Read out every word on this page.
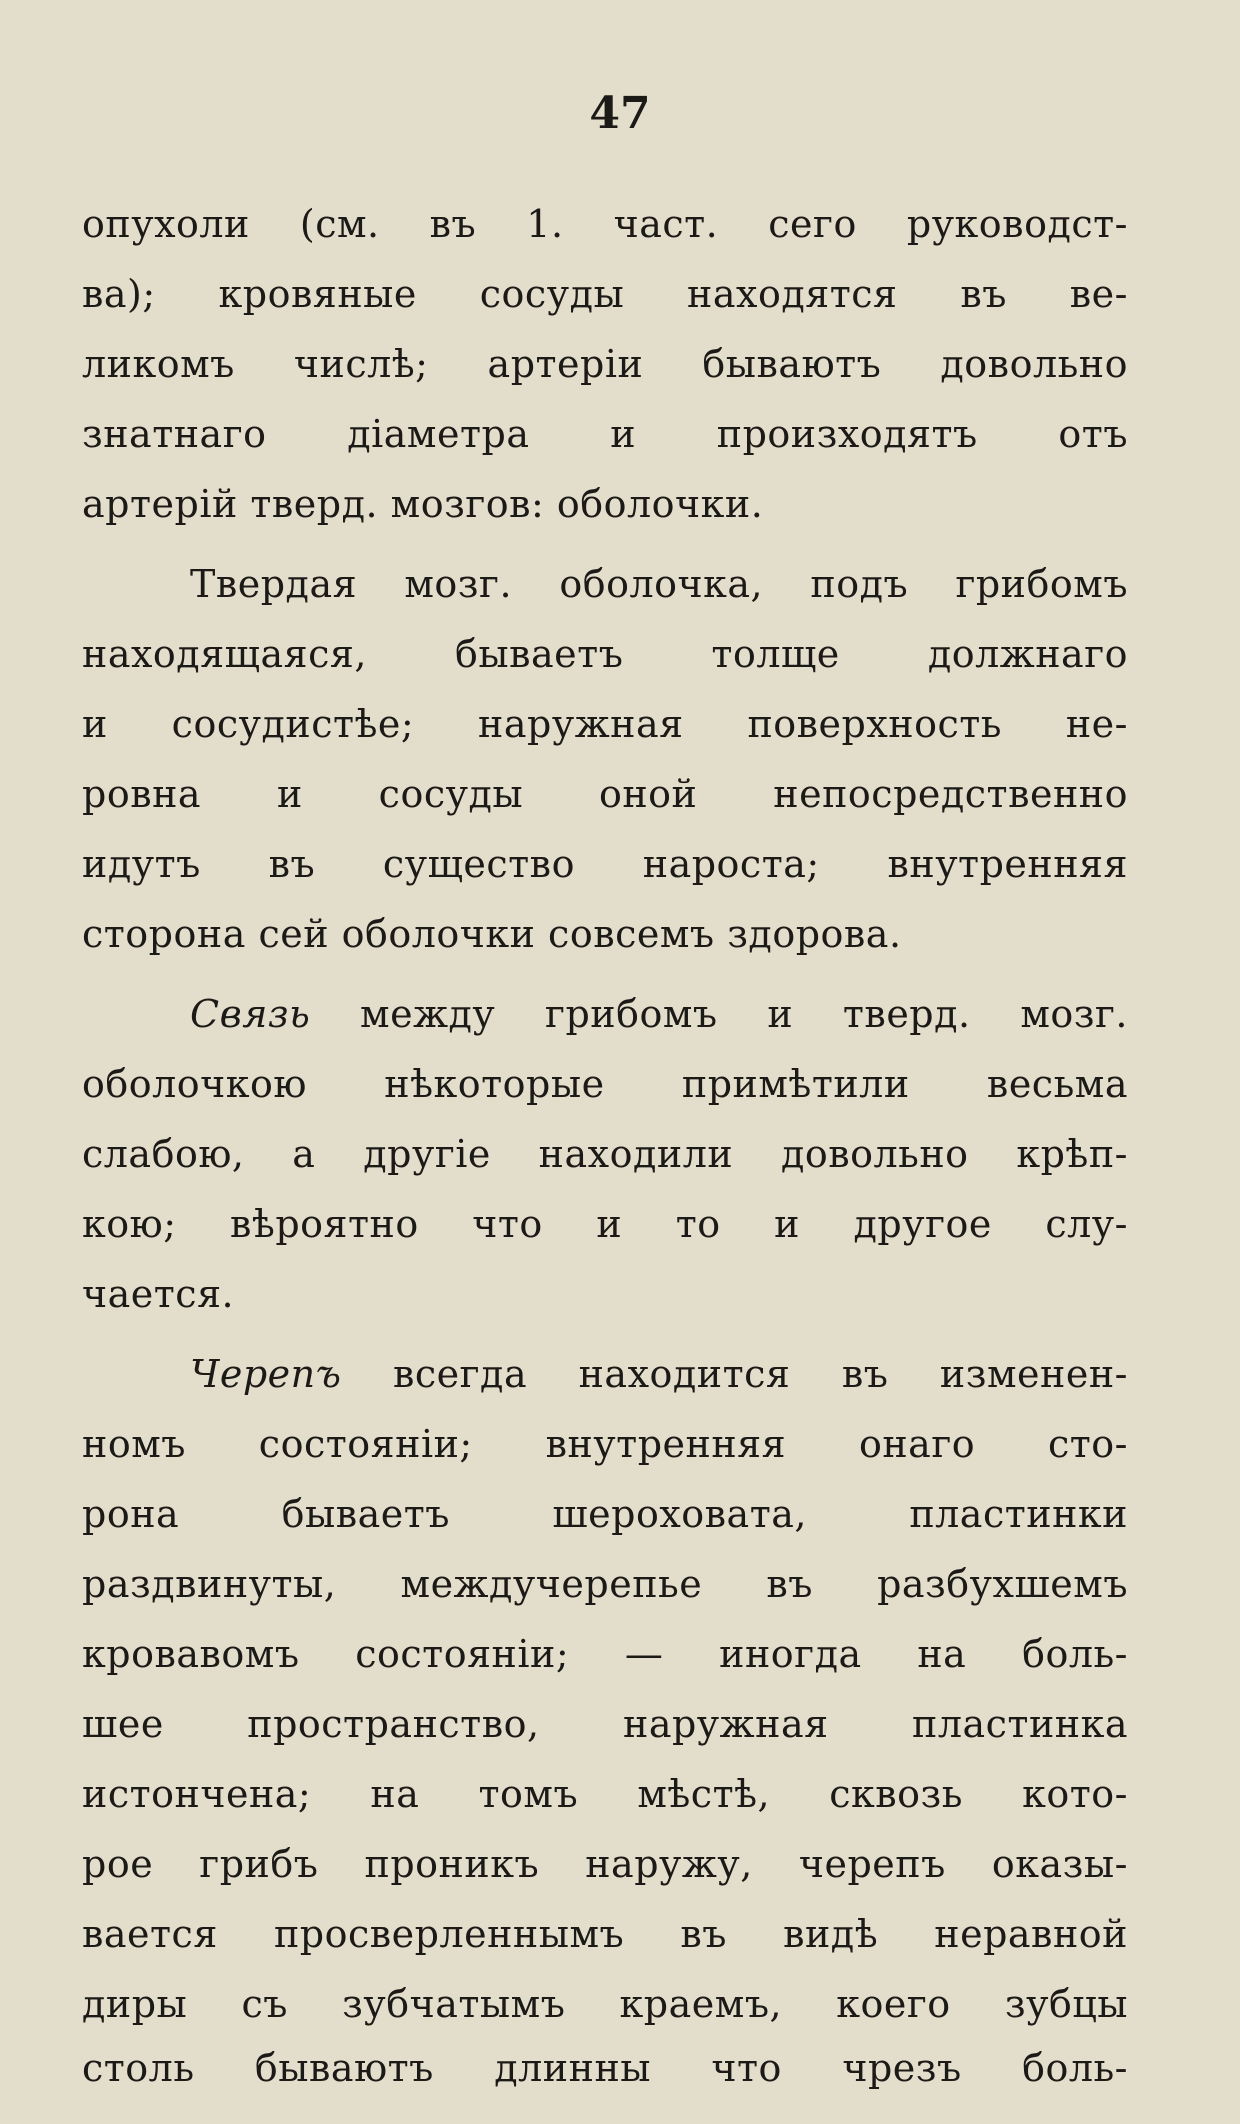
47
опухоли (см. въ 1. част. сего руководст-
ва); кровяные сосуды находятся въ ве-
ликомъ числѣ; артеріи бываютъ довольно
знатнаго діаметра и произходятъ отъ
артерій тверд. мозгов: оболочки.
Твердая мозг. оболочка, подъ грибомъ
находящаяся, бываетъ толще должнаго
и сосудистѣе; наружная поверхность не-
ровна и сосуды оной непосредственно
идутъ въ существо нароста; внутренняя
сторона сей оболочки совсемъ здорова.
Связь между грибомъ и тверд. мозг.
оболочкою нѣкоторые примѣтили весьма
слабою, а другіе находили довольно крѣп-
кою; вѣроятно что и то и другое слу-
чается.
Черепъ всегда находится въ изменен-
номъ состояніи; внутренняя онаго сто-
рона бываетъ шероховата, пластинки
раздвинуты, междучерепье въ разбухшемъ
кровавомъ состояніи; — иногда на боль-
шее пространство, наружная пластинка
истончена; на томъ мѣстѣ, сквозь кото-
рое грибъ проникъ наружу, черепъ оказы-
вается просверленнымъ въ видѣ неравной
диры съ зубчатымъ краемъ, коего зубцы
столь бываютъ длинны что чрезъ боль-
